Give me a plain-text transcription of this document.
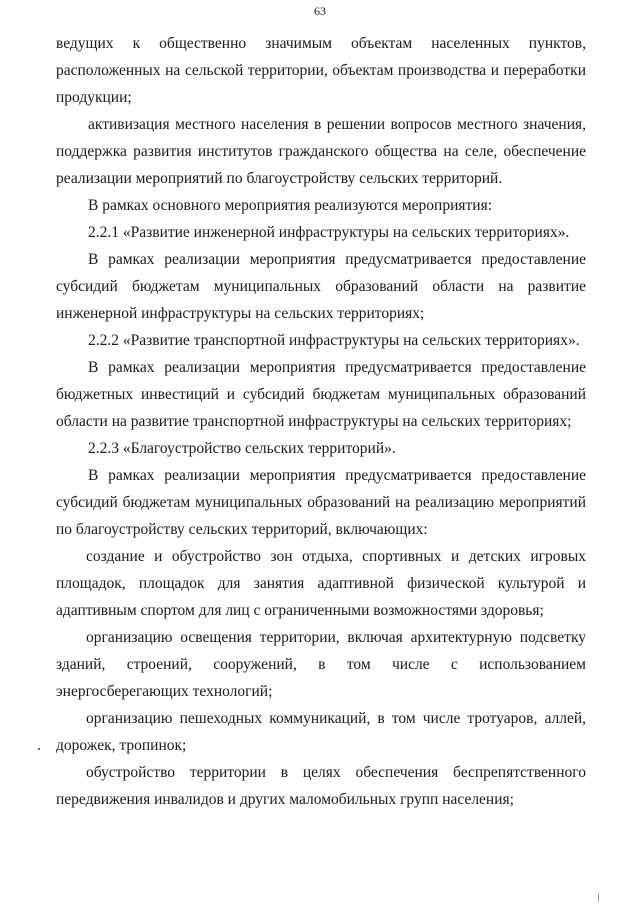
63

ведущих к общественно значимым объектам населенных пунктов, расположенных на сельской территории, объектам производства и переработки продукции;

активизация местного населения в решении вопросов местного значения, поддержка развития институтов гражданского общества на селе, обеспечение реализации мероприятий по благоустройству сельских территорий.

В рамках основного мероприятия реализуются мероприятия:

2.2.1 «Развитие инженерной инфраструктуры на сельских территориях».

В рамках реализации мероприятия предусматривается предоставление субсидий бюджетам муниципальных образований области на развитие инженерной инфраструктуры на сельских территориях;

2.2.2 «Развитие транспортной инфраструктуры на сельских территориях».

В рамках реализации мероприятия предусматривается предоставление бюджетных инвестиций и субсидий бюджетам муниципальных образований области на развитие транспортной инфраструктуры на сельских территориях;

2.2.3 «Благоустройство сельских территорий».

В рамках реализации мероприятия предусматривается предоставление субсидий бюджетам муниципальных образований на реализацию мероприятий по благоустройству сельских территорий, включающих:

создание и обустройство зон отдыха, спортивных и детских игровых площадок, площадок для занятия адаптивной физической культурой и адаптивным спортом для лиц с ограниченными возможностями здоровья;

организацию освещения территории, включая архитектурную подсветку зданий, строений, сооружений, в том числе с использованием энергосберегающих технологий;

организацию пешеходных коммуникаций, в том числе тротуаров, аллей, дорожек, тропинок;

обустройство территории в целях обеспечения беспрепятственного передвижения инвалидов и других маломобильных групп населения;
